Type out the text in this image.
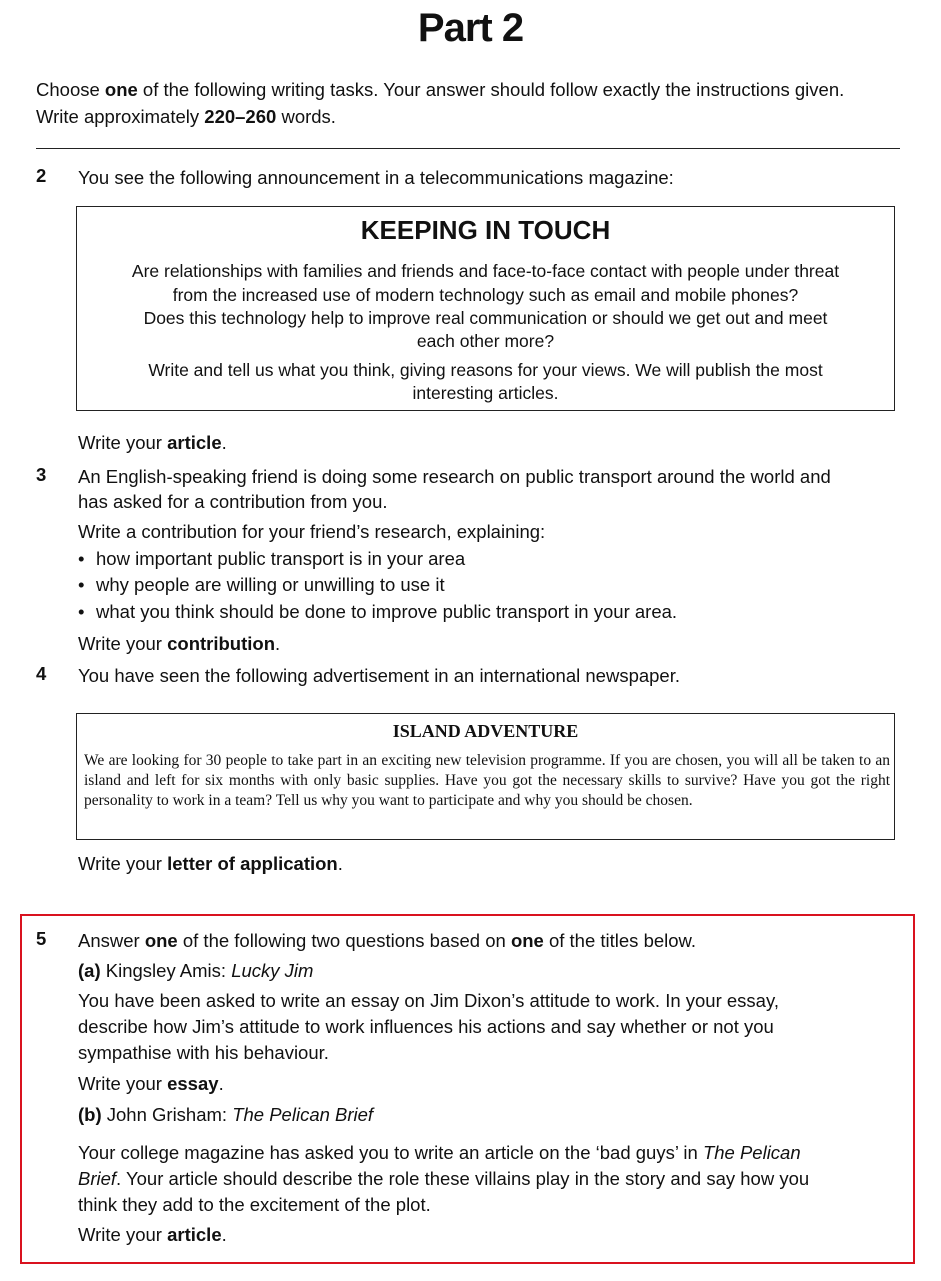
Part 2
Choose one of the following writing tasks. Your answer should follow exactly the instructions given.
Write approximately 220–260 words.
2 You see the following announcement in a telecommunications magazine:
KEEPING IN TOUCH
Are relationships with families and friends and face-to-face contact with people under threat
from the increased use of modern technology such as email and mobile phones?
Does this technology help to improve real communication or should we get out and meet
each other more?
Write and tell us what you think, giving reasons for your views. We will publish the most
interesting articles.
Write your article.
3 An English-speaking friend is doing some research on public transport around the world and
has asked for a contribution from you.
Write a contribution for your friend’s research, explaining:
• how important public transport is in your area
• why people are willing or unwilling to use it
• what you think should be done to improve public transport in your area.
Write your contribution.
4 You have seen the following advertisement in an international newspaper.
ISLAND ADVENTURE
We are looking for 30 people to take part in an exciting new television programme. If you are chosen, you will all be taken to an island and left for six months with only basic supplies. Have you got the necessary skills to survive? Have you got the right personality to work in a team? Tell us why you want to participate and why you should be chosen.
Write your letter of application.
5 Answer one of the following two questions based on one of the titles below.
(a) Kingsley Amis: Lucky Jim
You have been asked to write an essay on Jim Dixon’s attitude to work. In your essay,
describe how Jim’s attitude to work influences his actions and say whether or not you
sympathise with his behaviour.
Write your essay.
(b) John Grisham: The Pelican Brief
Your college magazine has asked you to write an article on the ‘bad guys’ in The Pelican
Brief. Your article should describe the role these villains play in the story and say how you
think they add to the excitement of the plot.
Write your article.
